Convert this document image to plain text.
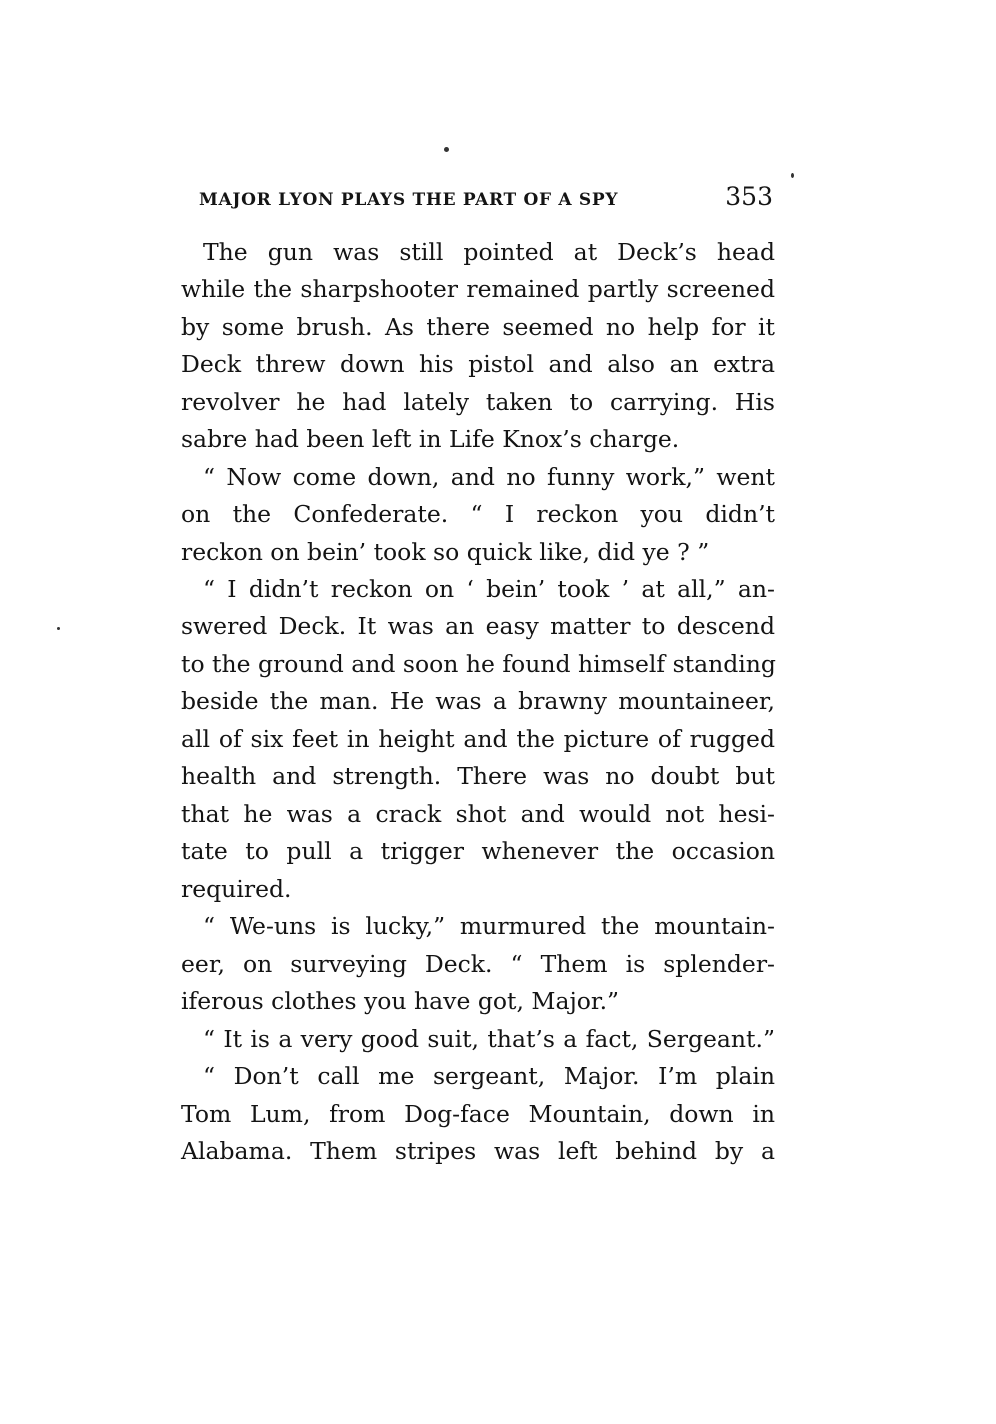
MAJOR LYON PLAYS THE PART OF A SPY	353
The gun was still pointed at Deck’s head
while the sharpshooter remained partly screened
by some brush. As there seemed no help for it
Deck threw down his pistol and also an extra
revolver he had lately taken to carrying. His
sabre had been left in Life Knox’s charge.
“ Now come down, and no funny work,” went
on the Confederate. “ I reckon you didn’t
reckon on bein’ took so quick like, did ye ? ”
“ I didn’t reckon on ‘ bein’ took ’ at all,” an-
swered Deck. It was an easy matter to descend
to the ground and soon he found himself standing
beside the man. He was a brawny mountaineer,
all of six feet in height and the picture of rugged
health and strength. There was no doubt but
that he was a crack shot and would not hesi-
tate to pull a trigger whenever the occasion
required.
“ We-uns is lucky,” murmured the mountain-
eer, on surveying Deck. “ Them is splender-
iferous clothes you have got, Major.”
“ It is a very good suit, that’s a fact, Sergeant.”
“ Don’t call me sergeant, Major. I’m plain
Tom Lum, from Dog-face Mountain, down in
Alabama. Them stripes was left behind by a
